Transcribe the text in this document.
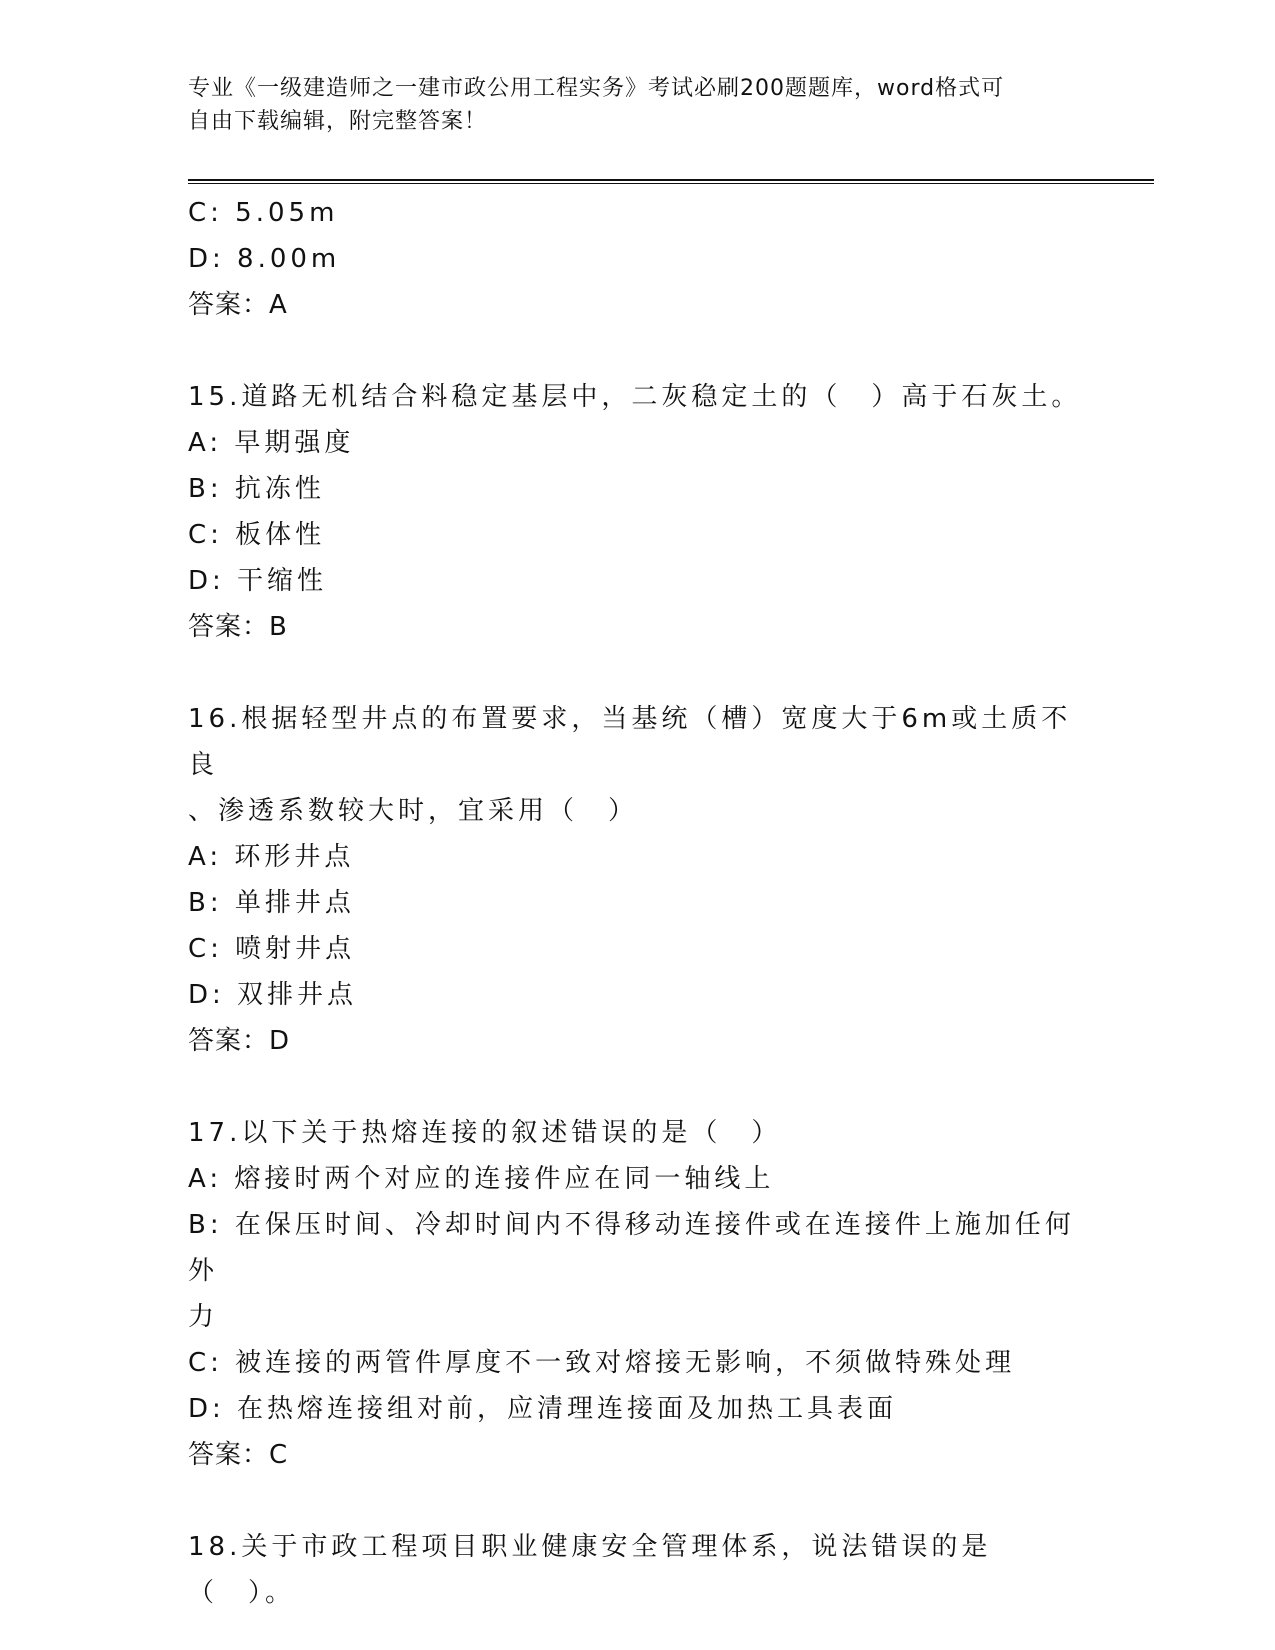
专业《一级建造师之一建市政公用工程实务》考试必刷200题题库，word格式可
自由下载编辑，附完整答案！
C: 5.05m
D: 8.00m
答案：A
15.道路无机结合料稳定基层中，二灰稳定土的（　）高于石灰土。
A: 早期强度
B: 抗冻性
C: 板体性
D: 干缩性
答案：B
16.根据轻型井点的布置要求，当基统（槽）宽度大于6m或土质不良
、渗透系数较大时，宜采用（　）
A: 环形井点
B: 单排井点
C: 喷射井点
D: 双排井点
答案：D
17.以下关于热熔连接的叙述错误的是（　）
A: 熔接时两个对应的连接件应在同一轴线上
B: 在保压时间、冷却时间内不得移动连接件或在连接件上施加任何外
力
C: 被连接的两管件厚度不一致对熔接无影响，不须做特殊处理
D: 在热熔连接组对前，应清理连接面及加热工具表面
答案：C
18.关于市政工程项目职业健康安全管理体系，说法错误的是（　）。
